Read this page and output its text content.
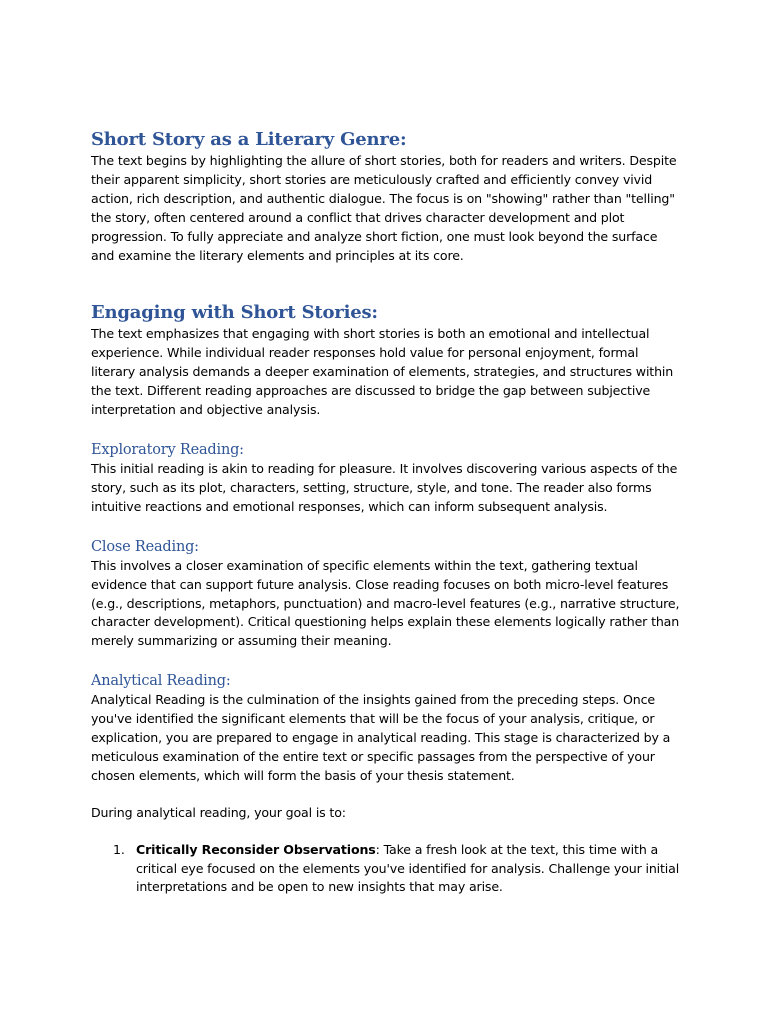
Short Story as a Literary Genre:

The text begins by highlighting the allure of short stories, both for readers and writers. Despite their apparent simplicity, short stories are meticulously crafted and efficiently convey vivid action, rich description, and authentic dialogue. The focus is on "showing" rather than "telling" the story, often centered around a conflict that drives character development and plot progression. To fully appreciate and analyze short fiction, one must look beyond the surface and examine the literary elements and principles at its core.

Engaging with Short Stories:

The text emphasizes that engaging with short stories is both an emotional and intellectual experience. While individual reader responses hold value for personal enjoyment, formal literary analysis demands a deeper examination of elements, strategies, and structures within the text. Different reading approaches are discussed to bridge the gap between subjective interpretation and objective analysis.

Exploratory Reading:

This initial reading is akin to reading for pleasure. It involves discovering various aspects of the story, such as its plot, characters, setting, structure, style, and tone. The reader also forms intuitive reactions and emotional responses, which can inform subsequent analysis.

Close Reading:

This involves a closer examination of specific elements within the text, gathering textual evidence that can support future analysis. Close reading focuses on both micro-level features (e.g., descriptions, metaphors, punctuation) and macro-level features (e.g., narrative structure, character development). Critical questioning helps explain these elements logically rather than merely summarizing or assuming their meaning.

Analytical Reading:

Analytical Reading is the culmination of the insights gained from the preceding steps. Once you've identified the significant elements that will be the focus of your analysis, critique, or explication, you are prepared to engage in analytical reading. This stage is characterized by a meticulous examination of the entire text or specific passages from the perspective of your chosen elements, which will form the basis of your thesis statement.

During analytical reading, your goal is to:

1. Critically Reconsider Observations: Take a fresh look at the text, this time with a critical eye focused on the elements you've identified for analysis. Challenge your initial interpretations and be open to new insights that may arise.
